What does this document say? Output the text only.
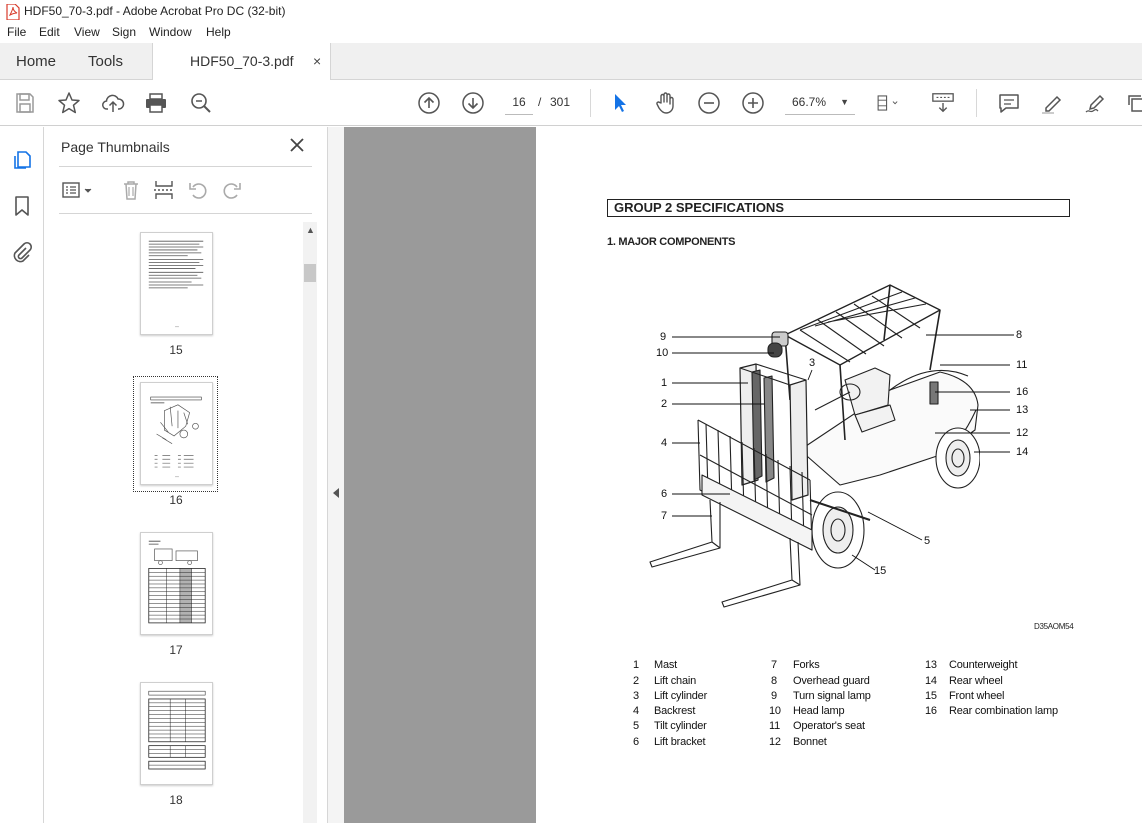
HDF50_70-3.pdf - Adobe Acrobat Pro DC (32-bit)
File Edit View Sign Window Help
Home Tools	HDF50_70-3.pdf ×
16	/ 301	66.7% ▼
Page Thumbnails
▲
15
16
17
18
GROUP 2 SPECIFICATIONS
1. MAJOR COMPONENTS
9
10
1
2
3
4
6
7
8
11
16
13
12
14
5
15
D35AOM54
1 Mast
2 Lift chain
3 Lift cylinder
4 Backrest
5 Tilt cylinder
6 Lift bracket
7 Forks
8 Overhead guard
9 Turn signal lamp
10 Head lamp
11 Operator's seat
12 Bonnet
13 Counterweight
14 Rear wheel
15 Front wheel
16 Rear combination lamp
